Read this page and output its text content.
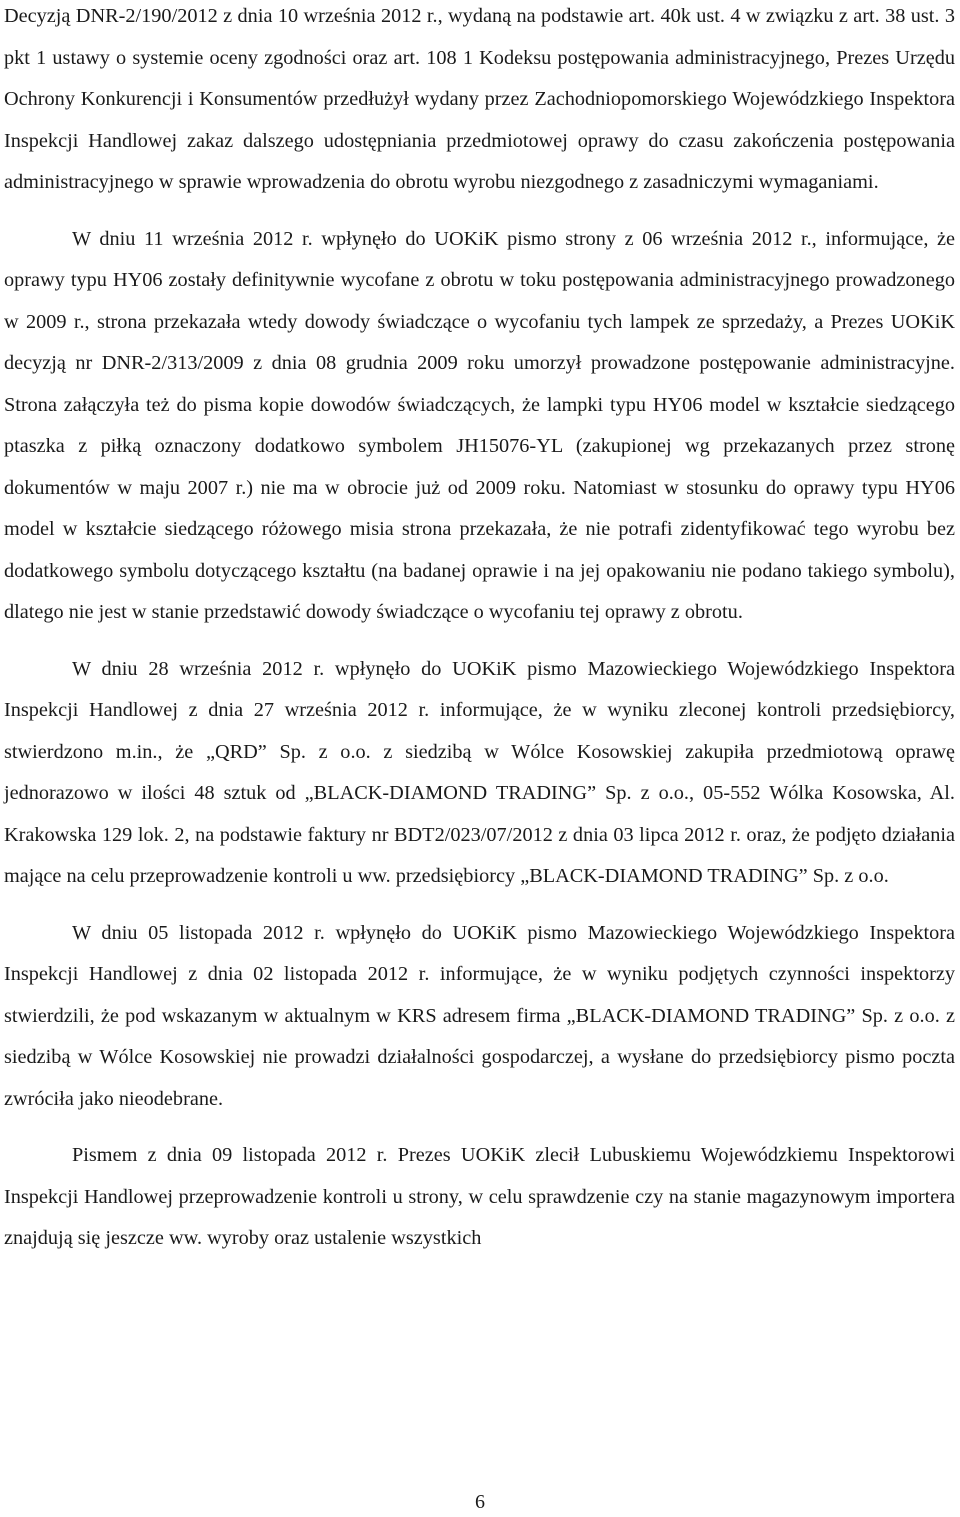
Decyzją DNR-2/190/2012 z dnia 10 września 2012 r., wydaną na podstawie art. 40k ust. 4 w związku z art. 38 ust. 3 pkt 1 ustawy o systemie oceny zgodności oraz art. 108 1 Kodeksu postępowania administracyjnego, Prezes Urzędu Ochrony Konkurencji i Konsumentów przedłużył wydany przez Zachodniopomorskiego Wojewódzkiego Inspektora Inspekcji Handlowej zakaz dalszego udostępniania przedmiotowej oprawy do czasu zakończenia postępowania administracyjnego w sprawie wprowadzenia do obrotu wyrobu niezgodnego z zasadniczymi wymaganiami.

W dniu 11 września 2012 r. wpłynęło do UOKiK pismo strony z 06 września 2012 r., informujące, że oprawy typu HY06 zostały definitywnie wycofane z obrotu w toku postępowania administracyjnego prowadzonego w 2009 r., strona przekazała wtedy dowody świadczące o wycofaniu tych lampek ze sprzedaży, a Prezes UOKiK decyzją nr DNR-2/313/2009 z dnia 08 grudnia 2009 roku umorzył prowadzone postępowanie administracyjne. Strona załączyła też do pisma kopie dowodów świadczących, że lampki typu HY06 model w kształcie siedzącego ptaszka z piłką oznaczony dodatkowo symbolem JH15076-YL (zakupionej wg przekazanych przez stronę dokumentów w maju 2007 r.) nie ma w obrocie już od 2009 roku. Natomiast w stosunku do oprawy typu HY06 model w kształcie siedzącego różowego misia strona przekazała, że nie potrafi zidentyfikować tego wyrobu bez dodatkowego symbolu dotyczącego kształtu (na badanej oprawie i na jej opakowaniu nie podano takiego symbolu), dlatego nie jest w stanie przedstawić dowody świadczące o wycofaniu tej oprawy z obrotu.

W dniu 28 września 2012 r. wpłynęło do UOKiK pismo Mazowieckiego Wojewódzkiego Inspektora Inspekcji Handlowej z dnia 27 września 2012 r. informujące, że w wyniku zleconej kontroli przedsiębiorcy, stwierdzono m.in., że „QRD” Sp. z o.o. z siedzibą w Wólce Kosowskiej zakupiła przedmiotową oprawę jednorazowo w ilości 48 sztuk od „BLACK-DIAMOND TRADING” Sp. z o.o., 05-552 Wólka Kosowska, Al. Krakowska 129 lok. 2, na podstawie faktury nr BDT2/023/07/2012 z dnia 03 lipca 2012 r. oraz, że podjęto działania mające na celu przeprowadzenie kontroli u ww. przedsiębiorcy „BLACK-DIAMOND TRADING” Sp. z o.o.

W dniu 05 listopada 2012 r. wpłynęło do UOKiK pismo Mazowieckiego Wojewódzkiego Inspektora Inspekcji Handlowej z dnia 02 listopada 2012 r. informujące, że w wyniku podjętych czynności inspektorzy stwierdzili, że pod wskazanym w aktualnym w KRS adresem firma „BLACK-DIAMOND TRADING” Sp. z o.o. z siedzibą w Wólce Kosowskiej nie prowadzi działalności gospodarczej, a wysłane do przedsiębiorcy pismo poczta zwróciła jako nieodebrane.

Pismem z dnia 09 listopada 2012 r. Prezes UOKiK zlecił Lubuskiemu Wojewódzkiemu Inspektorowi Inspekcji Handlowej przeprowadzenie kontroli u strony, w celu sprawdzenie czy na stanie magazynowym importera znajdują się jeszcze ww. wyroby oraz ustalenie wszystkich

6
